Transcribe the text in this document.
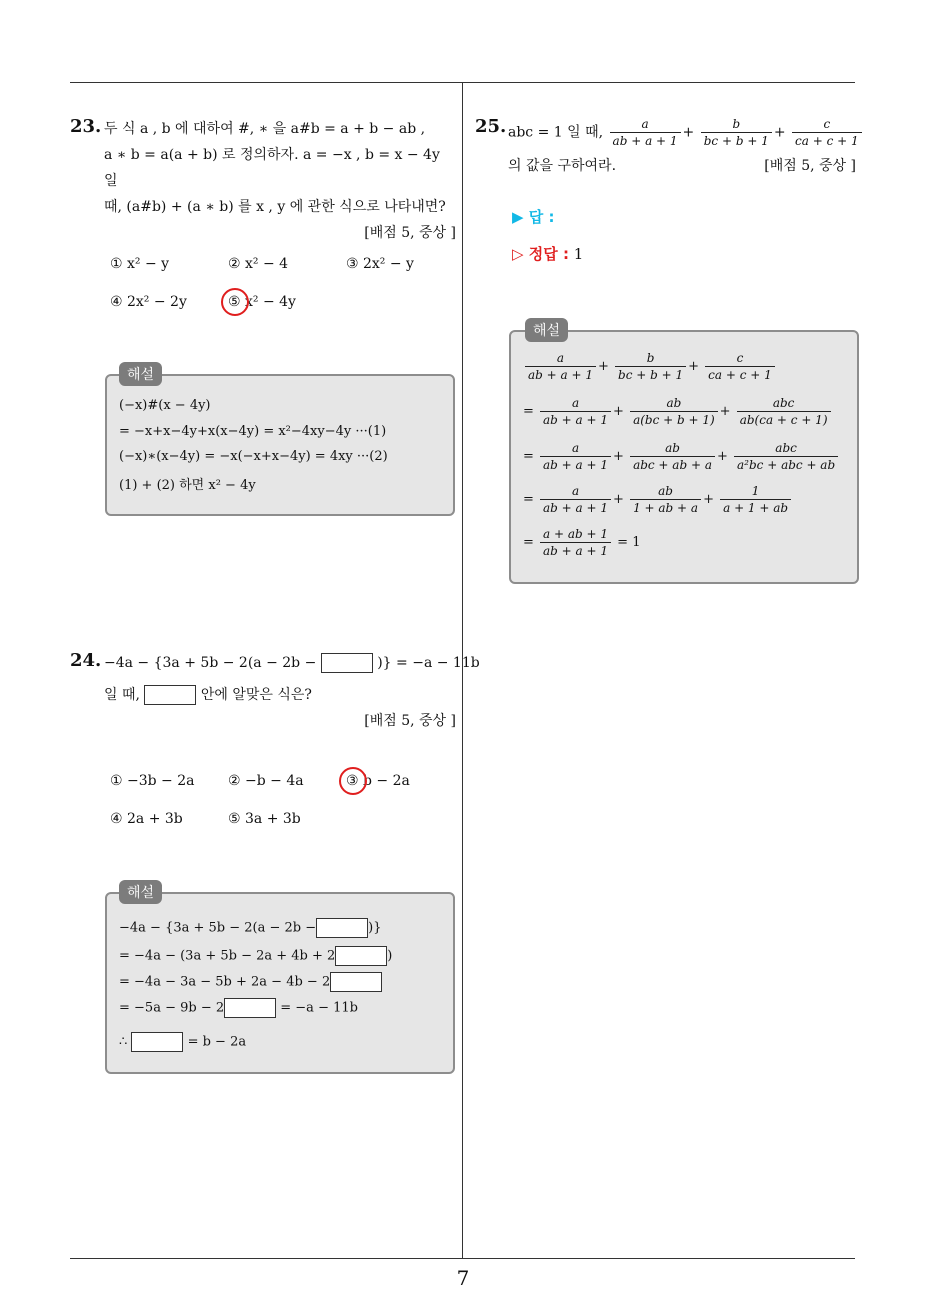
7
23. 두 식 a , b 에 대하여 #, ∗ 을 a#b = a + b − ab ,
a ∗ b = a(a + b) 로 정의하자. a = −x , b = x − 4y 일
때, (a#b) + (a ∗ b) 를 x , y 에 관한 식으로 나타내면?
[배점 5, 중상 ]
① x² − y	② x² − 4	③ 2x² − y
④ 2x² − 2y	⑤ x² − 4y
해설
(−x)#(x − 4y)
= −x+x−4y+x(x−4y) = x²−4xy−4y ···(1)
(−x)∗(x−4y) = −x(−x+x−4y) = 4xy ···(2)
(1) + (2) 하면 x² − 4y
24. −4a − {3a + 5b − 2(a − 2b −	)} = −a − 11b
일 때,	안에 알맞은 식은?
[배점 5, 중상 ]
① −3b − 2a	② −b − 4a	③ b − 2a
④ 2a + 3b	⑤ 3a + 3b
해설
−4a − {3a + 5b − 2(a − 2b −	)}
= −4a − (3a + 5b − 2a + 4b + 2	)
= −4a − 3a − 5b + 2a − 4b − 2
= −5a − 9b − 2	= −a − 11b
∴	= b − 2a
25. abc = 1 일 때, $\frac{a}{ab + a + 1} + \frac{b}{bc + b + 1} + \frac{c}{ca + c + 1}$
의 값을 구하여라.	[배점 5, 중상 ]
▶ 답 :
▷ 정답 : 1
해설
$\frac{a}{ab + a + 1} + \frac{b}{bc + b + 1} + \frac{c}{ca + c + 1}$
= $\frac{a}{ab + a + 1} + \frac{ab}{a(bc + b + 1)} + \frac{\text{abc}}{ab(ca + c + 1)}$
= $\frac{a}{ab + a + 1} + \frac{ab}{\text{abc + ab + a}} + \frac{\text{abc}}{\text{a²bc + abc + ab}}$
= $\frac{a}{ab + a + 1} + \frac{ab}{1 + ab + a} + \frac{1}{a + 1 + ab}$
= $\frac{a + ab + 1}{ab + a + 1} = 1$
